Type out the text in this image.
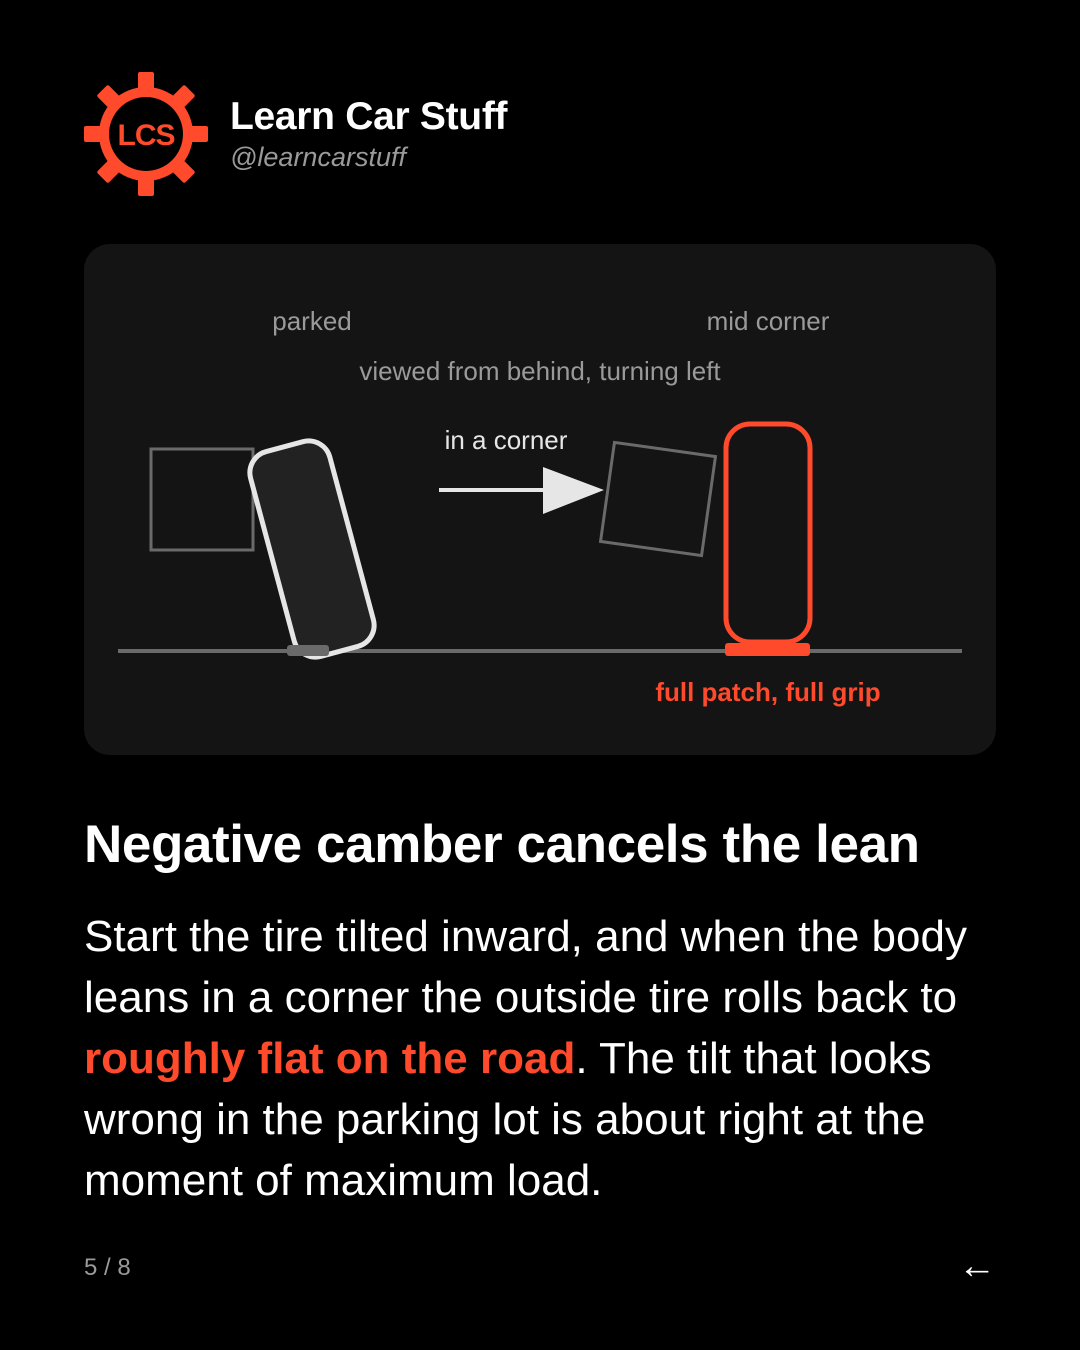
LCS Learn Car Stuff
@learncarstuff
parked	mid corner
viewed from behind, turning left
in a corner
full patch, full grip
Negative camber cancels the lean

Start the tire tilted inward, and when the body leans in a corner the outside tire rolls back to roughly flat on the road. The tilt that looks wrong in the parking lot is about right at the moment of maximum load.

5 / 8	←
